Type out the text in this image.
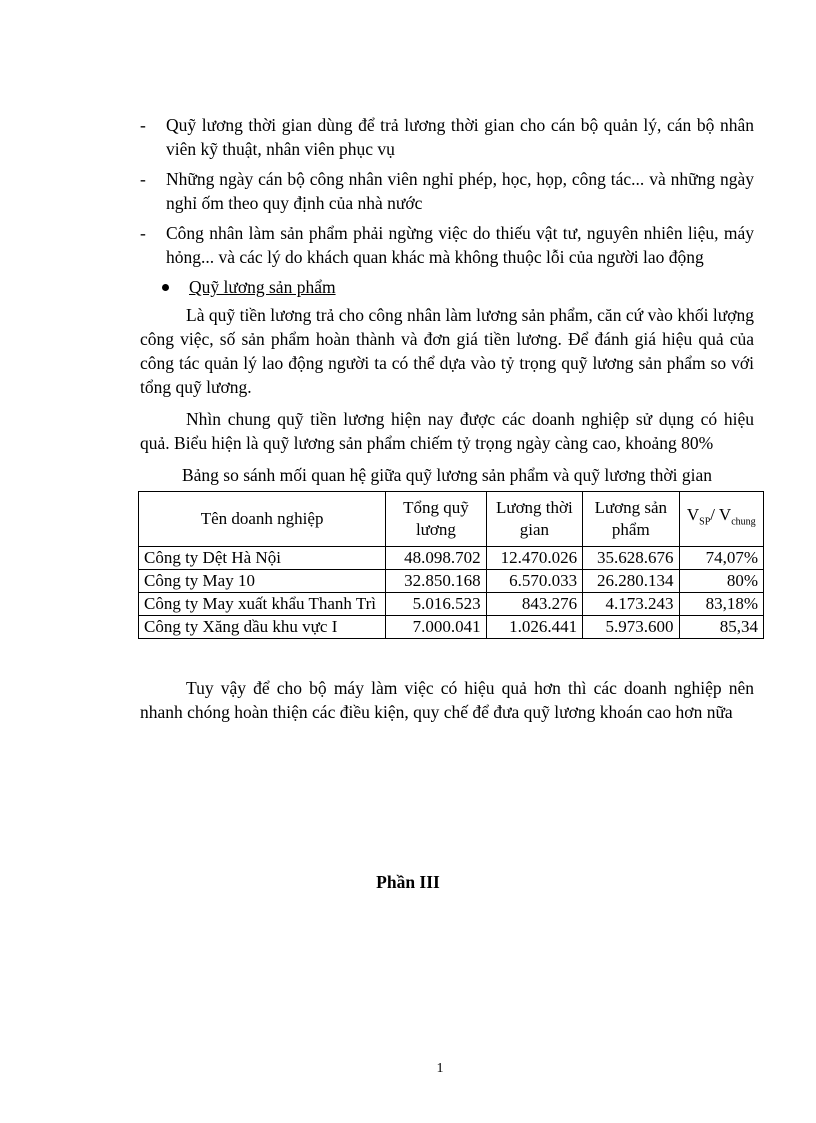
-	Quỹ lương thời gian dùng để trả lương thời gian cho cán bộ quản lý, cán bộ nhân viên kỹ thuật, nhân viên phục vụ
-	Những ngày cán bộ công nhân viên nghỉ phép, học, họp, công tác... và những ngày nghỉ ốm theo quy định của nhà nước
-	Công nhân làm sản phẩm phải ngừng việc do thiếu vật tư, nguyên nhiên liệu, máy hỏng... và các lý do khách quan khác mà không thuộc lỗi của người lao động
Quỹ lương sản phẩm

Là quỹ tiền lương trả cho công nhân làm lương sản phẩm, căn cứ vào khối lượng công việc, số sản phẩm hoàn thành và đơn giá tiền lương. Để đánh giá hiệu quả của công tác quản lý lao động người ta có thể dựa vào tỷ trọng quỹ lương sản phẩm so với tổng quỹ lương.

Nhìn chung quỹ tiền lương hiện nay được các doanh nghiệp sử dụng có hiệu quả. Biểu hiện là quỹ lương sản phẩm chiếm tỷ trọng ngày càng cao, khoảng 80%

Bảng so sánh mối quan hệ giữa quỹ lương sản phẩm và quỹ lương thời gian
Tên doanh nghiệp	Tổng quỹ lương	Lương thời gian	Lương sản phẩm	$V_{SP}/$ $V_{chung}$
Công ty Dệt Hà Nội	48.098.702	12.470.026	35.628.676	74,07%
Công ty May 10	32.850.168	6.570.033	26.280.134	80%
Công ty May xuất khẩu Thanh Trì	5.016.523	843.276	4.173.243	83,18%
Công ty Xăng dầu khu vực I	7.000.041	1.026.441	5.973.600	85,34

Tuy vậy để cho bộ máy làm việc có hiệu quả hơn thì các doanh nghiệp nên nhanh chóng hoàn thiện các điều kiện, quy chế để đưa quỹ lương khoán cao hơn nữa

Phần III
1
